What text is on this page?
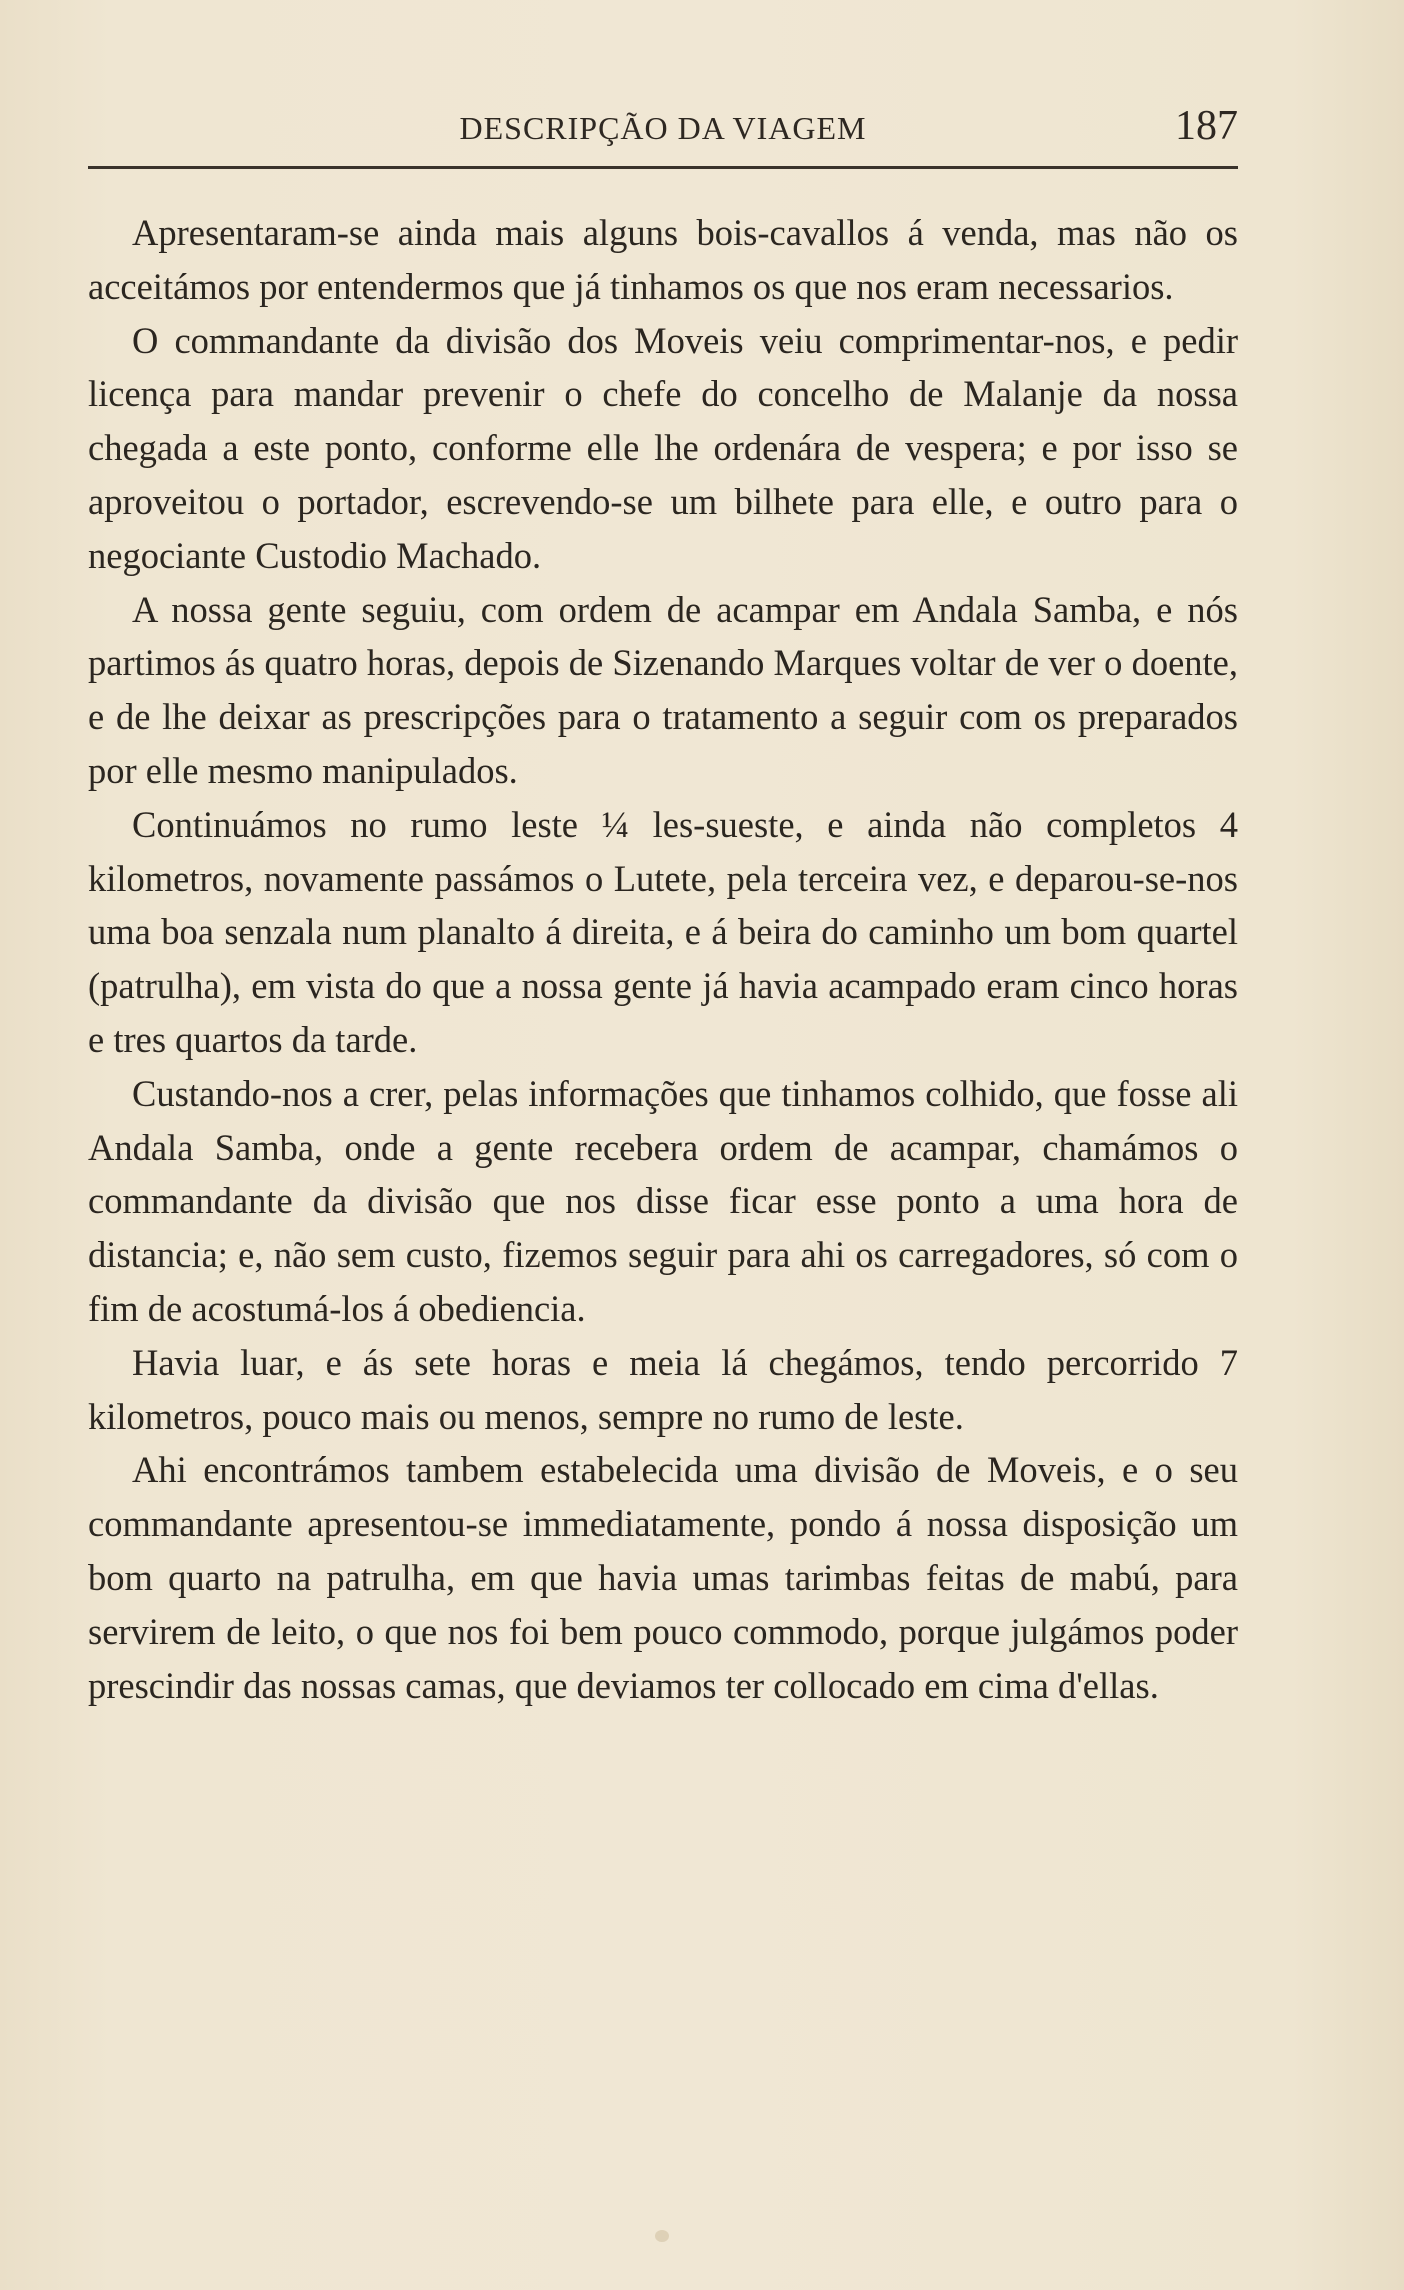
DESCRIPÇÃO DA VIAGEM	187

Apresentaram-se ainda mais alguns bois-cavallos á venda, mas não os acceitámos por entendermos que já tinhamos os que nos eram necessarios.

O commandante da divisão dos Moveis veiu comprimentar-nos, e pedir licença para mandar prevenir o chefe do concelho de Malanje da nossa chegada a este ponto, conforme elle lhe ordenára de vespera; e por isso se aproveitou o portador, escrevendo-se um bilhete para elle, e outro para o negociante Custodio Machado.

A nossa gente seguiu, com ordem de acampar em Andala Samba, e nós partimos ás quatro horas, depois de Sizenando Marques voltar de ver o doente, e de lhe deixar as prescripções para o tratamento a seguir com os preparados por elle mesmo manipulados.

Continuámos no rumo leste ¼ les-sueste, e ainda não completos 4 kilometros, novamente passámos o Lutete, pela terceira vez, e deparou-se-nos uma boa senzala num planalto á direita, e á beira do caminho um bom quartel (patrulha), em vista do que a nossa gente já havia acampado eram cinco horas e tres quartos da tarde.

Custando-nos a crer, pelas informações que tinhamos colhido, que fosse ali Andala Samba, onde a gente recebera ordem de acampar, chamámos o commandante da divisão que nos disse ficar esse ponto a uma hora de distancia; e, não sem custo, fizemos seguir para ahi os carregadores, só com o fim de acostumá-los á obediencia.

Havia luar, e ás sete horas e meia lá chegámos, tendo percorrido 7 kilometros, pouco mais ou menos, sempre no rumo de leste.

Ahi encontrámos tambem estabelecida uma divisão de Moveis, e o seu commandante apresentou-se immediatamente, pondo á nossa disposição um bom quarto na patrulha, em que havia umas tarimbas feitas de mabú, para servirem de leito, o que nos foi bem pouco commodo, porque julgámos poder prescindir das nossas camas, que deviamos ter collocado em cima d'ellas.
